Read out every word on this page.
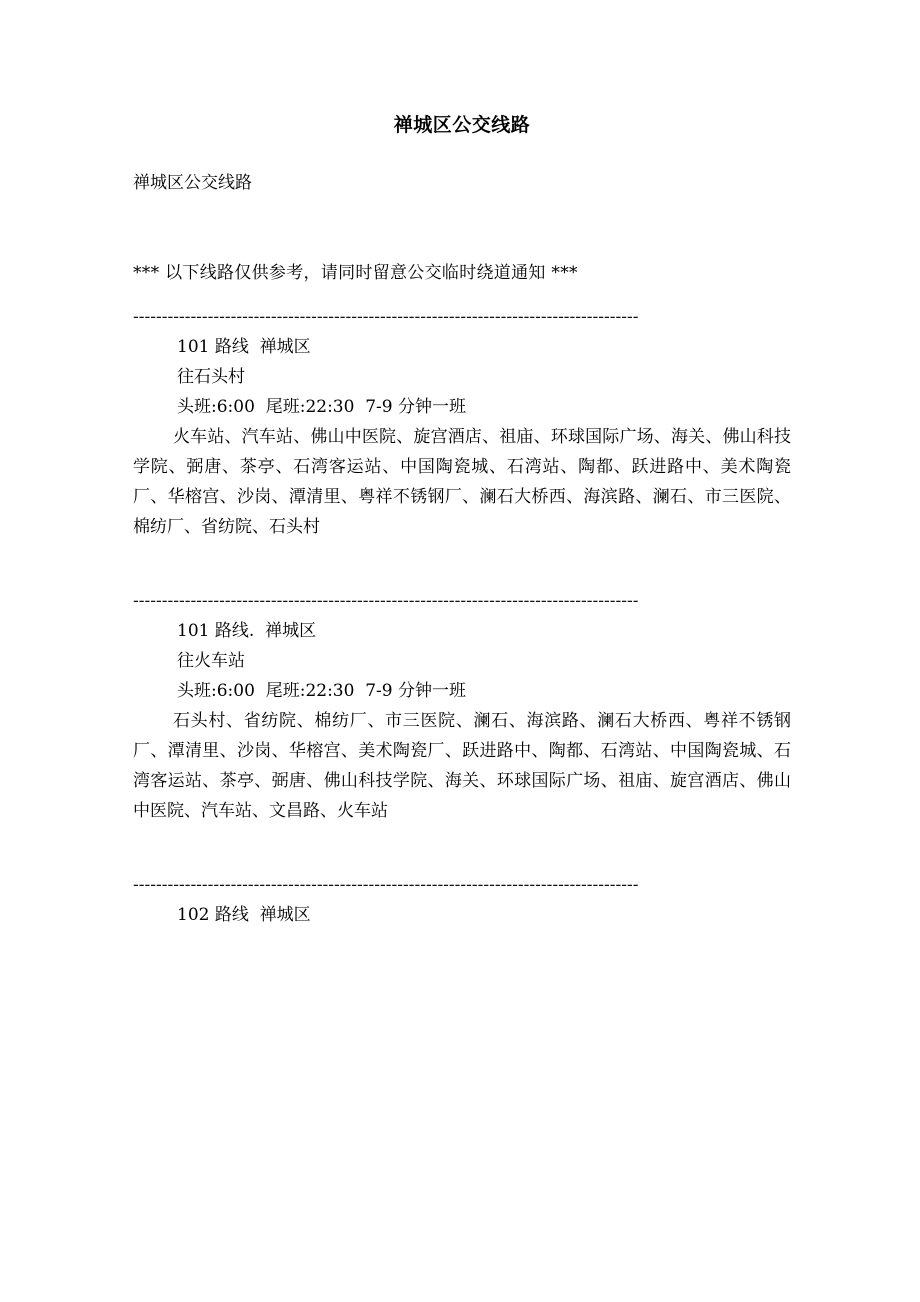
禅城区公交线路

禅城区公交线路

*** 以下线路仅供参考，请同时留意公交临时绕道通知 ***

----------------------------------------------------------------------------------------

101 路线  禅城区

往石头村

头班:6:00  尾班:22:30  7-9 分钟一班

火车站、汽车站、佛山中医院、旋宫酒店、祖庙、环球国际广场、海关、佛山科技学院、弼唐、茶亭、石湾客运站、中国陶瓷城、石湾站、陶都、跃进路中、美术陶瓷厂、华榕宫、沙岗、潭清里、粤祥不锈钢厂、澜石大桥西、海滨路、澜石、市三医院、棉纺厂、省纺院、石头村

----------------------------------------------------------------------------------------

101 路线.  禅城区

往火车站

头班:6:00  尾班:22:30  7-9 分钟一班

石头村、省纺院、棉纺厂、市三医院、澜石、海滨路、澜石大桥西、粤祥不锈钢厂、潭清里、沙岗、华榕宫、美术陶瓷厂、跃进路中、陶都、石湾站、中国陶瓷城、石湾客运站、茶亭、弼唐、佛山科技学院、海关、环球国际广场、祖庙、旋宫酒店、佛山中医院、汽车站、文昌路、火车站

----------------------------------------------------------------------------------------

102 路线  禅城区
